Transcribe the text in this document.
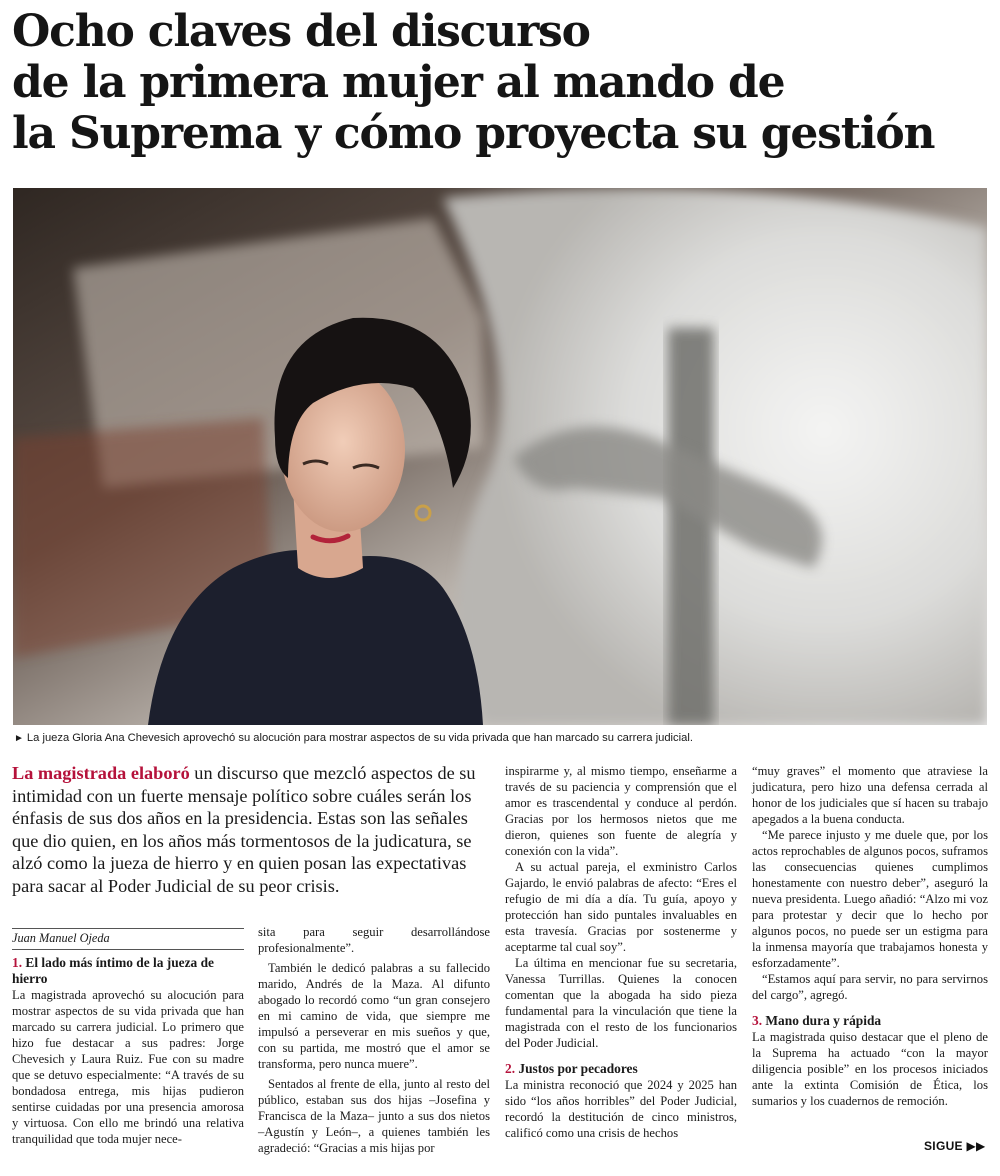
Ocho claves del discurso
de la primera mujer al mando de
la Suprema y cómo proyecta su gestión
► La jueza Gloria Ana Chevesich aprovechó su alocución para mostrar aspectos de su vida privada que han marcado su carrera judicial.

La magistrada elaboró un discurso que mezcló aspectos de su intimidad con un fuerte mensaje político sobre cuáles serán los énfasis de sus dos años en la presidencia. Estas son las señales que dio quien, en los años más tormentosos de la judicatura, se alzó como la jueza de hierro y en quien posan las expectativas para sacar al Poder Judicial de su peor crisis.

Juan Manuel Ojeda
1. El lado más íntimo de la jueza de hierro

La magistrada aprovechó su alocución para mostrar aspectos de su vida privada que han marcado su carrera judicial. Lo primero que hizo fue destacar a sus padres: Jorge Chevesich y Laura Ruiz. Fue con su madre que se detuvo especialmente: “A través de su bondadosa entrega, mis hijas pudieron sentirse cuidadas por una presencia amorosa y virtuosa. Con ello me brindó una relativa tranquilidad que toda mujer nece-

sita para seguir desarrollándose profesionalmente”.

También le dedicó palabras a su fallecido marido, Andrés de la Maza. Al difunto abogado lo recordó como “un gran consejero en mi camino de vida, que siempre me impulsó a perseverar en mis sueños y que, con su partida, me mostró que el amor se transforma, pero nunca muere”.

Sentados al frente de ella, junto al resto del público, estaban sus dos hijas –Josefina y Francisca de la Maza– junto a sus dos nietos –Agustín y León–, a quienes también les agradeció: “Gracias a mis hijas por

inspirarme y, al mismo tiempo, enseñarme a través de su paciencia y comprensión que el amor es trascendental y conduce al perdón. Gracias por los hermosos nietos que me dieron, quienes son fuente de alegría y conexión con la vida”.

A su actual pareja, el exministro Carlos Gajardo, le envió palabras de afecto: “Eres el refugio de mi día a día. Tu guía, apoyo y protección han sido puntales invaluables en esta travesía. Gracias por sostenerme y aceptarme tal cual soy”.

La última en mencionar fue su secretaria, Vanessa Turrillas. Quienes la conocen comentan que la abogada ha sido pieza fundamental para la vinculación que tiene la magistrada con el resto de los funcionarios del Poder Judicial.

2. Justos por pecadores

La ministra reconoció que 2024 y 2025 han sido “los años horribles” del Poder Judicial, recordó la destitución de cinco ministros, calificó como una crisis de hechos

“muy graves” el momento que atraviese la judicatura, pero hizo una defensa cerrada al honor de los judiciales que sí hacen su trabajo apegados a la buena conducta.

“Me parece injusto y me duele que, por los actos reprochables de algunos pocos, suframos las consecuencias quienes cumplimos honestamente con nuestro deber”, aseguró la nueva presidenta. Luego añadió: “Alzo mi voz para protestar y decir que lo hecho por algunos pocos, no puede ser un estigma para la inmensa mayoría que trabajamos honesta y esforzadamente”.

“Estamos aquí para servir, no para servirnos del cargo”, agregó.

3. Mano dura y rápida

La magistrada quiso destacar que el pleno de la Suprema ha actuado “con la mayor diligencia posible” en los procesos iniciados ante la extinta Comisión de Ética, los sumarios y los cuadernos de remoción.

SIGUE ▶▶
